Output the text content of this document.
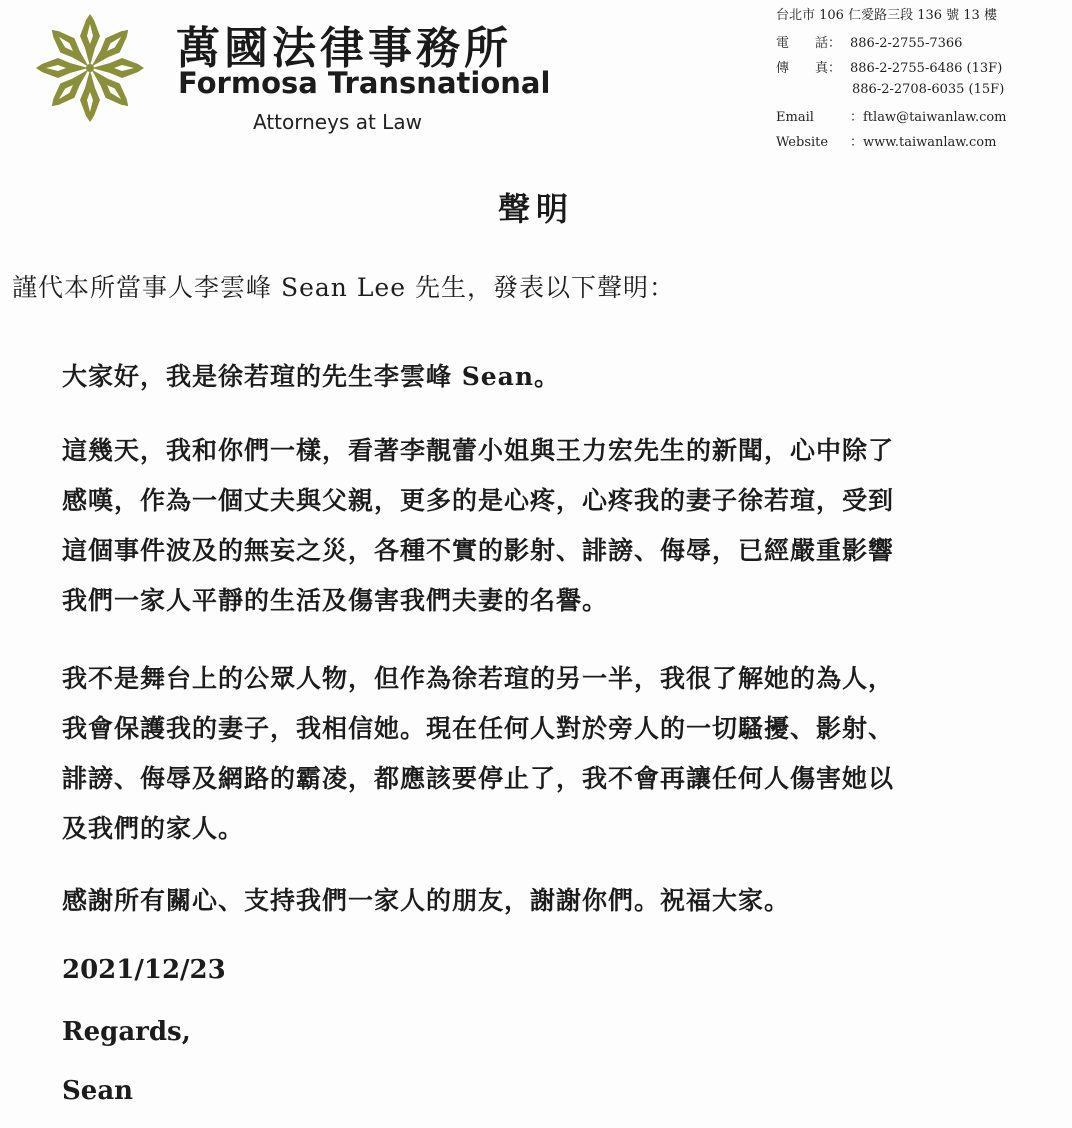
萬國法律事務所
Formosa Transnational
Attorneys at Law
台北市 106 仁愛路三段 136 號 13 樓
電　　話： 886-2-2755-7366
傳　　真： 886-2-2755-6486 (13F)
886-2-2708-6035 (15F)
Email	：ftlaw@taiwanlaw.com
Website ：www.taiwanlaw.com
聲明
謹代本所當事人李雲峰 Sean Lee 先生，發表以下聲明：
大家好，我是徐若瑄的先生李雲峰 Sean。
這幾天，我和你們一樣，看著李靚蕾小姐與王力宏先生的新聞，心中除了
感嘆，作為一個丈夫與父親，更多的是心疼，心疼我的妻子徐若瑄，受到
這個事件波及的無妄之災，各種不實的影射、誹謗、侮辱，已經嚴重影響
我們一家人平靜的生活及傷害我們夫妻的名譽。
我不是舞台上的公眾人物，但作為徐若瑄的另一半，我很了解她的為人，
我會保護我的妻子，我相信她。現在任何人對於旁人的一切騷擾、影射、
誹謗、侮辱及網路的霸凌，都應該要停止了，我不會再讓任何人傷害她以
及我們的家人。
感謝所有關心、支持我們一家人的朋友，謝謝你們。祝福大家。
2021/12/23
Regards,
Sean
